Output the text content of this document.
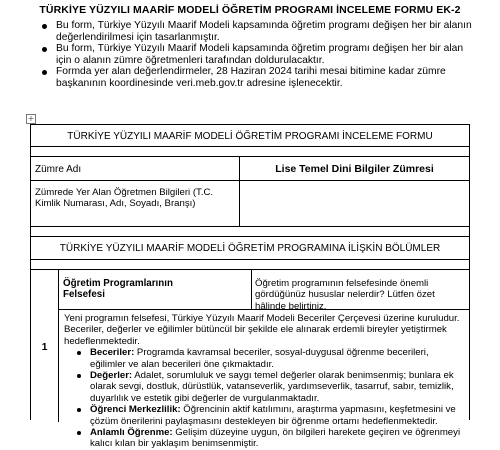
TÜRKİYE YÜZYILI MAARİF MODELİ ÖĞRETİM PROGRAMI İNCELEME FORMU EK-2
Bu form, Türkiye Yüzyılı Maarif Modeli kapsamında öğretim programı değişen her bir alanın değerlendirilmesi için tasarlanmıştır.
Bu form, Türkiye Yüzyılı Maarif Modeli kapsamında öğretim programı değişen her bir alan için o alanın zümre öğretmenleri tarafından doldurulacaktır.
Formda yer alan değerlendirmeler, 28 Haziran 2024 tarihi mesai bitimine kadar zümre başkanının koordinesinde veri.meb.gov.tr adresine işlenecektir.
+
TÜRKİYE YÜZYILI MAARİF MODELİ ÖĞRETİM PROGRAMI İNCELEME FORMU
Zümre Adı	Lise Temel Dini Bilgiler Zümresi
Zümrede Yer Alan Öğretmen Bilgileri (T.C. Kimlik Numarası, Adı, Soyadı, Branşı)
TÜRKİYE YÜZYILI MAARİF MODELİ ÖĞRETİM PROGRAMINA İLİŞKİN BÖLÜMLER
1
Öğretim Programlarının Felsefesi
Öğretim programının felsefesinde önemli gördüğünüz hususlar nelerdir? Lütfen özet hâlinde belirtiniz.
Yeni programın felsefesi, Türkiye Yüzyılı Maarif Modeli Beceriler Çerçevesi üzerine kuruludur. Beceriler, değerler ve eğilimler bütüncül bir şekilde ele alınarak erdemli bireyler yetiştirmek hedeflenmektedir.
Beceriler: Programda kavramsal beceriler, sosyal-duygusal öğrenme becerileri, eğilimler ve alan becerileri öne çıkmaktadır.
Değerler: Adalet, sorumluluk ve saygı temel değerler olarak benimsenmiş; bunlara ek olarak sevgi, dostluk, dürüstlük, vatanseverlik, yardımseverlik, tasarruf, sabır, temizlik, duyarlılık ve estetik gibi değerler de vurgulanmaktadır.
Öğrenci Merkezlilik: Öğrencinin aktif katılımını, araştırma yapmasını, keşfetmesini ve çözüm önerilerini paylaşmasını destekleyen bir öğrenme ortamı hedeflenmektedir.
Anlamlı Öğrenme: Gelişim düzeyine uygun, ön bilgileri harekete geçiren ve öğrenmeyi kalıcı kılan bir yaklaşım benimsenmiştir.
